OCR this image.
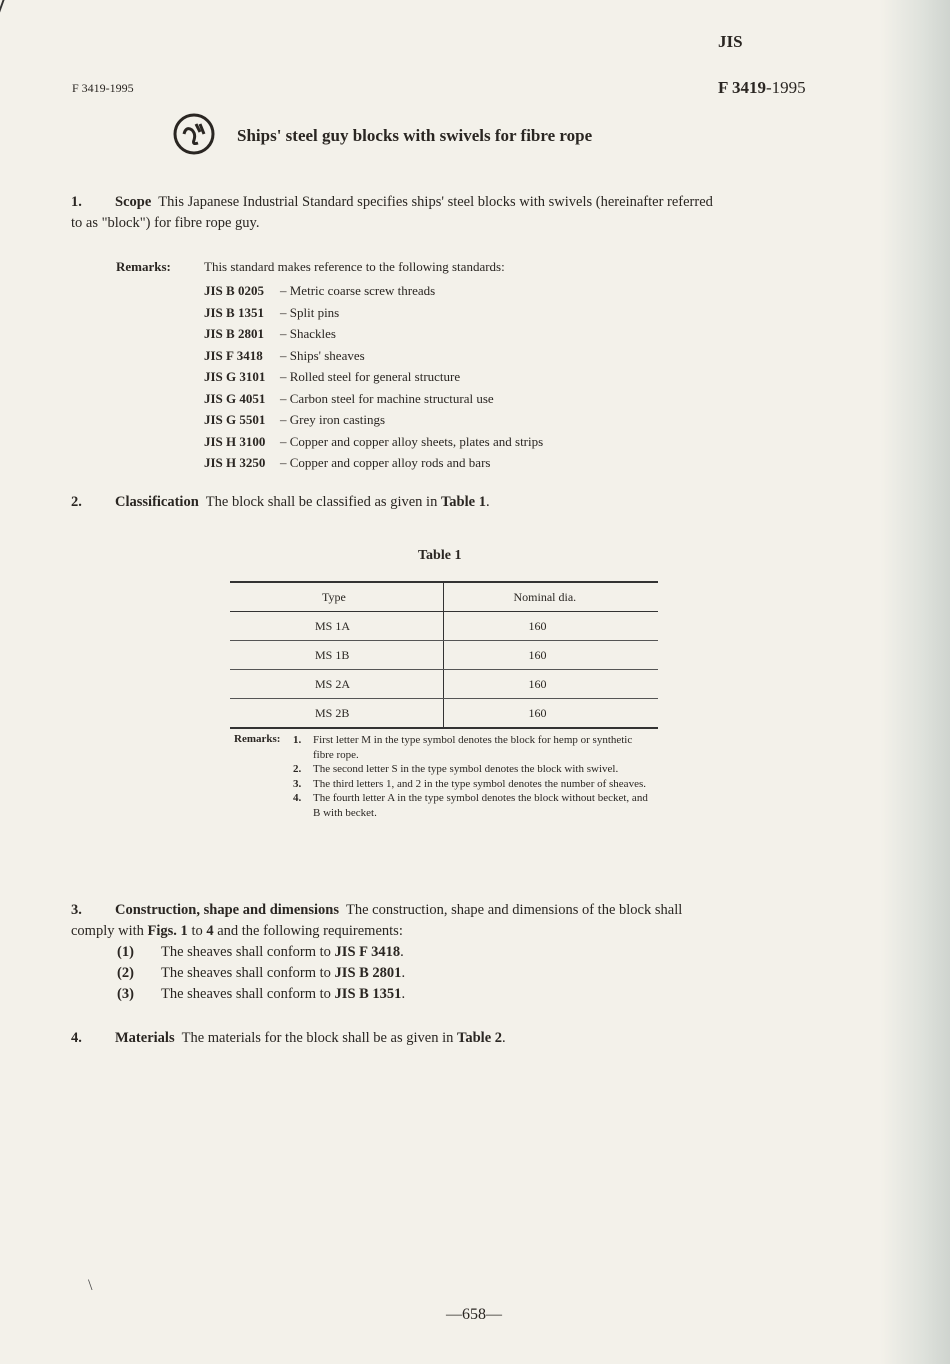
JIS
F 3419-1995
F 3419-1995
Ships' steel guy blocks with swivels for fibre rope
1. Scope This Japanese Industrial Standard specifies ships' steel blocks with swivels (hereinafter referred
to as "block") for fibre rope guy.
Remarks:	This standard makes reference to the following standards:
JIS B 0205 – Metric coarse screw threads
JIS B 1351 – Split pins
JIS B 2801 – Shackles
JIS F 3418 – Ships' sheaves
JIS G 3101 – Rolled steel for general structure
JIS G 4051 – Carbon steel for machine structural use
JIS G 5501 – Grey iron castings
JIS H 3100 – Copper and copper alloy sheets, plates and strips
JIS H 3250 – Copper and copper alloy rods and bars
2. Classification The block shall be classified as given in Table 1.
Table 1
Type	Nominal dia.
MS 1A	160
MS 1B	160
MS 2A	160
MS 2B	160
Remarks: 1.	First letter M in the type symbol denotes the block for hemp or synthetic fibre rope.
2.	The second letter S in the type symbol denotes the block with swivel.
3.	The third letters 1, and 2 in the type symbol denotes the number of sheaves.
4.	The fourth letter A in the type symbol denotes the block without becket, and B with becket.
3. Construction, shape and dimensions The construction, shape and dimensions of the block shall
comply with Figs. 1 to 4 and the following requirements:
(1) The sheaves shall conform to JIS F 3418.
(2) The sheaves shall conform to JIS B 2801.
(3) The sheaves shall conform to JIS B 1351.
4. Materials The materials for the block shall be as given in Table 2.
\
—658—
